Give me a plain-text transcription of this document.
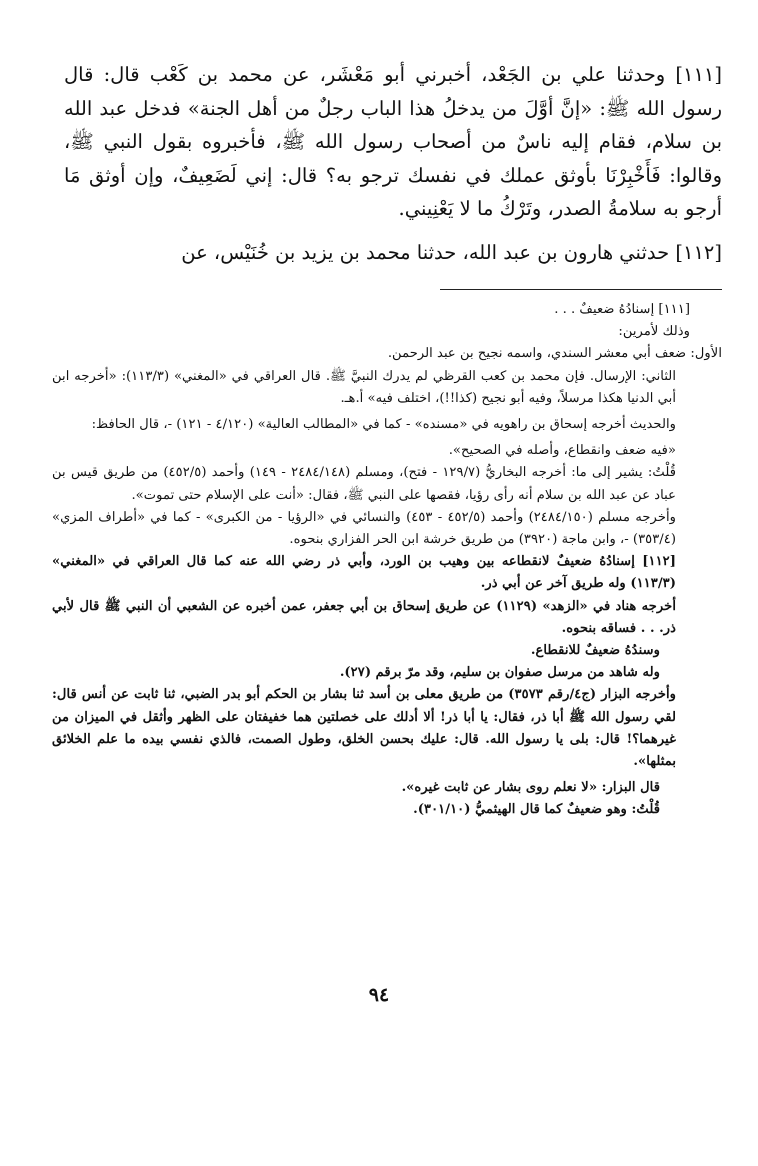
[١١١] وحدثنا علي بن الجَعْد، أخبرني أبو مَعْشَر، عن محمد بن كَعْب قال: قال رسول الله ﷺ: «إنَّ أوَّلَ من يدخلُ هذا الباب رجلٌ من أهل الجنة» فدخل عبد الله بن سلام، فقام إليه ناسٌ من أصحاب رسول الله ﷺ، فأخبروه بقول النبي ﷺ، وقالوا: فَأَخْبِرْنَا بأوثق عملك في نفسك ترجو به؟ قال: إني لَضَعِيفٌ، وإن أوثق مَا أرجو به سلامةُ الصدر، وتَرْكُ ما لا يَعْنِيني.

[١١٢] حدثني هارون بن عبد الله، حدثنا محمد بن يزيد بن خُنَيْس، عن

[١١١] إسنادُهُ ضعيفٌ . . .

وذلك لأمرين:

الأول: ضعف أبي معشر السندي، واسمه نجيح بن عبد الرحمن.

الثاني: الإرسال. فإن محمد بن كعب القرظي لم يدرك النبيَّ ﷺ. قال العراقي في «المغني» (١١٣/٣): «أخرجه ابن أبي الدنيا هكذا مرسلاً، وفيه أبو نجيح (كذا!!)، اختلف فيه» أ.هـ.

والحديث أخرجه إسحاق بن راهويه في «مسنده» - كما في «المطالب العالية» (٤/١٢٠ - ١٢١) -، قال الحافظ:

«فيه ضعف وانقطاع، وأصله في الصحيح».

قُلْتُ: يشير إلى ما: أخرجه البخاريُّ (١٢٩/٧ - فتح)، ومسلم (٢٤٨٤/١٤٨ - ١٤٩) وأحمد (٤٥٢/٥) من طريق قيس بن عباد عن عبد الله بن سلام أنه رأى رؤيا، فقصها على النبي ﷺ، فقال: «أنت على الإسلام حتى تموت».

وأخرجه مسلم (٢٤٨٤/١٥٠) وأحمد (٤٥٢/٥ - ٤٥٣) والنسائي في «الرؤيا - من الكبرى» - كما في «أطراف المزي» (٣٥٣/٤) -، وابن ماجة (٣٩٢٠) من طريق خرشة ابن الحر الفزاري بنحوه.

[١١٢] إسنادُهُ ضعيفٌ لانقطاعه بين وهيب بن الورد، وأبي ذر رضي الله عنه كما قال العراقي في «المغني» (١١٣/٣) وله طريق آخر عن أبي ذر.

أخرجه هناد في «الزهد» (١١٢٩) عن طريق إسحاق بن أبي جعفر، عمن أخبره عن الشعبي أن النبي ﷺ قال لأبي ذر. . . فساقه بنحوه.

وسندُهُ ضعيفٌ للانقطاع.

وله شاهد من مرسل صفوان بن سليم، وقد مرّ برقم (٢٧).

وأخرجه البزار (ج٤/رقم ٣٥٧٣) من طريق معلى بن أسد ثنا بشار بن الحكم أبو بدر الضبي، ثنا ثابت عن أنس قال: لقي رسول الله ﷺ أبا ذر، فقال: يا أبا ذر! ألا أدلك على خصلتين هما خفيفتان على الظهر وأثقل في الميزان من غيرهما؟! قال: بلى يا رسول الله. قال: عليك بحسن الخلق، وطول الصمت، فالذي نفسي بيده ما علم الخلائق بمثلها».

قال البزار: «لا نعلم روى بشار عن ثابت غيره».

قُلْتُ: وهو ضعيفٌ كما قال الهيثميُّ (٣٠١/١٠).

٩٤
